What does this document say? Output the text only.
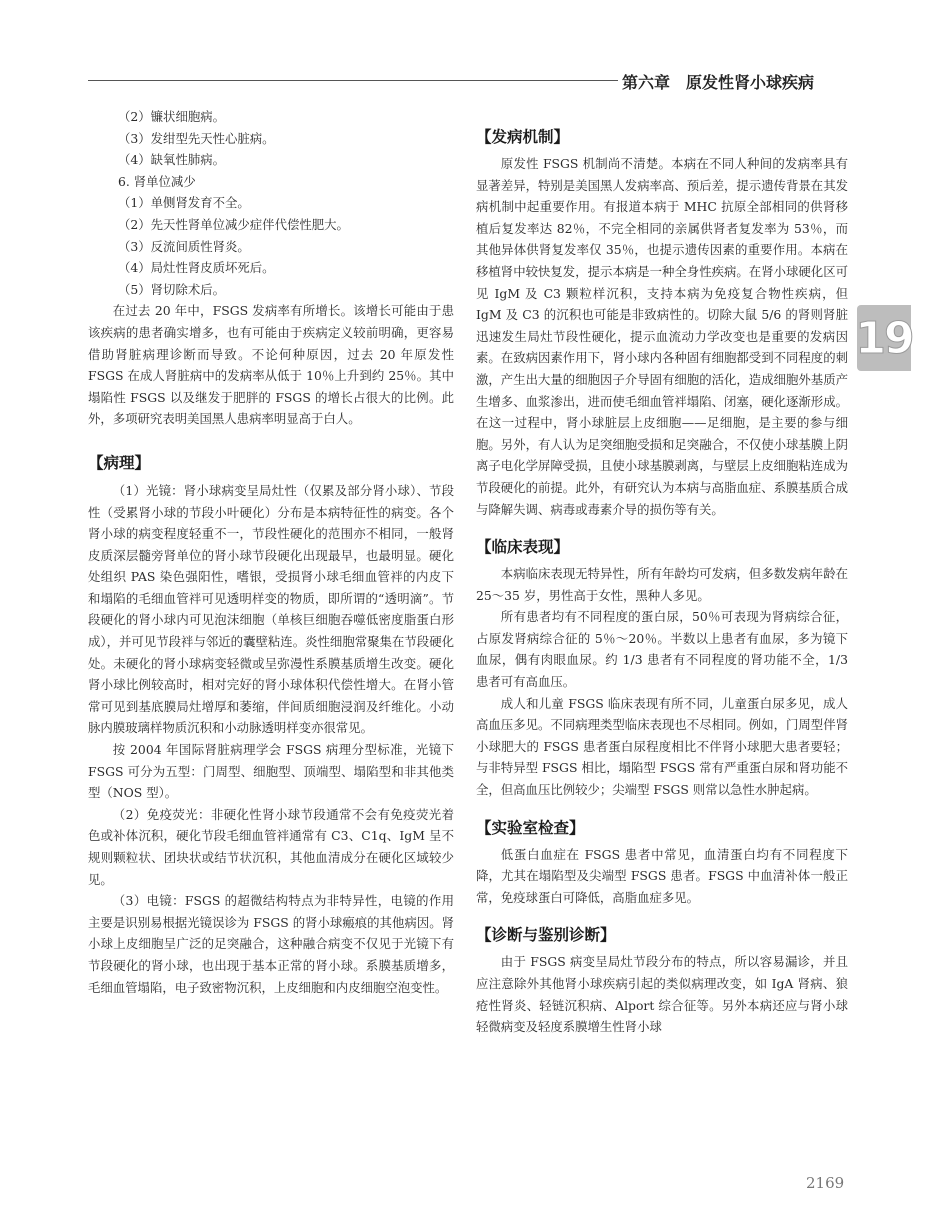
第六章　原发性肾小球疾病
19

（2）镰状细胞病。

（3）发绀型先天性心脏病。

（4）缺氧性肺病。

6. 肾单位减少

（1）单侧肾发育不全。

（2）先天性肾单位减少症伴代偿性肥大。

（3）反流间质性肾炎。

（4）局灶性肾皮质坏死后。

（5）肾切除术后。

在过去 20 年中，FSGS 发病率有所增长。该增长可能由于患该疾病的患者确实增多，也有可能由于疾病定义较前明确，更容易借助肾脏病理诊断而导致。不论何种原因，过去 20 年原发性 FSGS 在成人肾脏病中的发病率从低于 10％上升到约 25％。其中塌陷性 FSGS 以及继发于肥胖的 FSGS 的增长占很大的比例。此外，多项研究表明美国黑人患病率明显高于白人。

【病理】

（1）光镜：肾小球病变呈局灶性（仅累及部分肾小球）、节段性（受累肾小球的节段小叶硬化）分布是本病特征性的病变。各个肾小球的病变程度轻重不一，节段性硬化的范围亦不相同，一般肾皮质深层髓旁肾单位的肾小球节段硬化出现最早，也最明显。硬化处组织 PAS 染色强阳性，嗜银，受损肾小球毛细血管袢的内皮下和塌陷的毛细血管袢可见透明样变的物质，即所谓的“透明滴”。节段硬化的肾小球内可见泡沫细胞（单核巨细胞吞噬低密度脂蛋白形成），并可见节段袢与邻近的囊壁粘连。炎性细胞常聚集在节段硬化处。未硬化的肾小球病变轻微或呈弥漫性系膜基质增生改变。硬化肾小球比例较高时，相对完好的肾小球体积代偿性增大。在肾小管常可见到基底膜局灶增厚和萎缩，伴间质细胞浸润及纤维化。小动脉内膜玻璃样物质沉积和小动脉透明样变亦很常见。

按 2004 年国际肾脏病理学会 FSGS 病理分型标准，光镜下 FSGS 可分为五型：门周型、细胞型、顶端型、塌陷型和非其他类型（NOS 型）。

（2）免疫荧光：非硬化性肾小球节段通常不会有免疫荧光着色或补体沉积，硬化节段毛细血管袢通常有 C3、C1q、IgM 呈不规则颗粒状、团块状或结节状沉积，其他血清成分在硬化区域较少见。

（3）电镜：FSGS 的超微结构特点为非特异性，电镜的作用主要是识别易根据光镜误诊为 FSGS 的肾小球瘢痕的其他病因。肾小球上皮细胞呈广泛的足突融合，这种融合病变不仅见于光镜下有节段硬化的肾小球，也出现于基本正常的肾小球。系膜基质增多，毛细血管塌陷，电子致密物沉积，上皮细胞和内皮细胞空泡变性。

【发病机制】

原发性 FSGS 机制尚不清楚。本病在不同人种间的发病率具有显著差异，特别是美国黑人发病率高、预后差，提示遗传背景在其发病机制中起重要作用。有报道本病于 MHC 抗原全部相同的供肾移植后复发率达 82％，不完全相同的亲属供肾者复发率为 53％，而其他异体供肾复发率仅 35％，也提示遗传因素的重要作用。本病在移植肾中较快复发，提示本病是一种全身性疾病。在肾小球硬化区可见 IgM 及 C3 颗粒样沉积，支持本病为免疫复合物性疾病，但 IgM 及 C3 的沉积也可能是非致病性的。切除大鼠 5/6 的肾则肾脏迅速发生局灶节段性硬化，提示血流动力学改变也是重要的发病因素。在致病因素作用下，肾小球内各种固有细胞都受到不同程度的刺激，产生出大量的细胞因子介导固有细胞的活化，造成细胞外基质产生增多、血浆渗出，进而使毛细血管袢塌陷、闭塞，硬化逐渐形成。在这一过程中，肾小球脏层上皮细胞——足细胞，是主要的参与细胞。另外，有人认为足突细胞受损和足突融合，不仅使小球基膜上阴离子电化学屏障受损，且使小球基膜剥离，与壁层上皮细胞粘连成为节段硬化的前提。此外，有研究认为本病与高脂血症、系膜基质合成与降解失调、病毒或毒素介导的损伤等有关。

【临床表现】

本病临床表现无特异性，所有年龄均可发病，但多数发病年龄在 25～35 岁，男性高于女性，黑种人多见。

所有患者均有不同程度的蛋白尿，50％可表现为肾病综合征，占原发肾病综合征的 5％～20％。半数以上患者有血尿，多为镜下血尿，偶有肉眼血尿。约 1/3 患者有不同程度的肾功能不全，1/3 患者可有高血压。

成人和儿童 FSGS 临床表现有所不同，儿童蛋白尿多见，成人高血压多见。不同病理类型临床表现也不尽相同。例如，门周型伴肾小球肥大的 FSGS 患者蛋白尿程度相比不伴肾小球肥大患者要轻；与非特异型 FSGS 相比，塌陷型 FSGS 常有严重蛋白尿和肾功能不全，但高血压比例较少；尖端型 FSGS 则常以急性水肿起病。

【实验室检查】

低蛋白血症在 FSGS 患者中常见，血清蛋白均有不同程度下降，尤其在塌陷型及尖端型 FSGS 患者。FSGS 中血清补体一般正常，免疫球蛋白可降低，高脂血症多见。

【诊断与鉴别诊断】

由于 FSGS 病变呈局灶节段分布的特点，所以容易漏诊，并且应注意除外其他肾小球疾病引起的类似病理改变，如 IgA 肾病、狼疮性肾炎、轻链沉积病、Alport 综合征等。另外本病还应与肾小球轻微病变及轻度系膜增生性肾小球

2169
